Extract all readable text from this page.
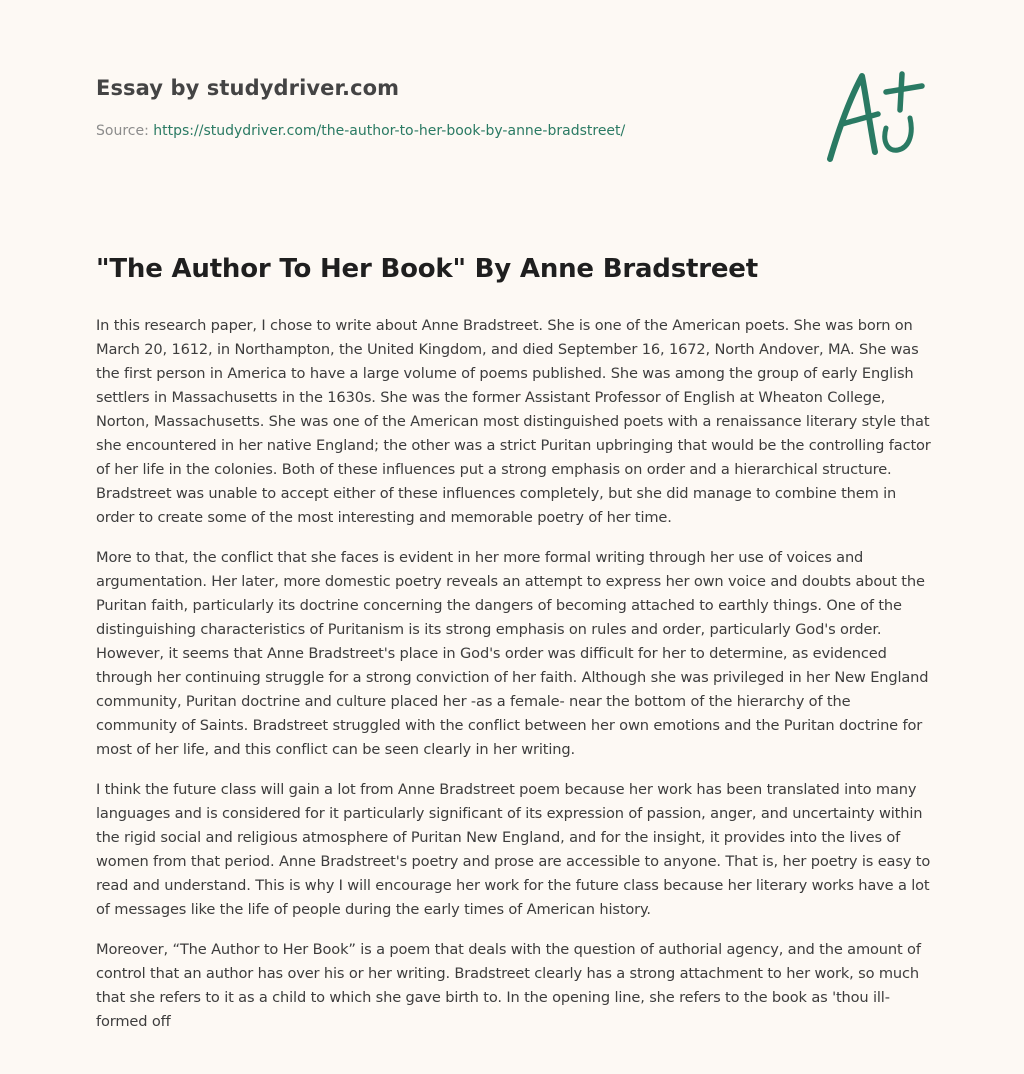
Essay by studydriver.com
Source: https://studydriver.com/the-author-to-her-book-by-anne-bradstreet/
"The Author To Her Book" By Anne Bradstreet

In this research paper, I chose to write about Anne Bradstreet. She is one of the American poets. She was born on March 20, 1612, in Northampton, the United Kingdom, and died September 16, 1672, North Andover, MA. She was the first person in America to have a large volume of poems published. She was among the group of early English settlers in Massachusetts in the 1630s. She was the former Assistant Professor of English at Wheaton College, Norton, Massachusetts. She was one of the American most distinguished poets with a renaissance literary style that she encountered in her native England; the other was a strict Puritan upbringing that would be the controlling factor of her life in the colonies. Both of these influences put a strong emphasis on order and a hierarchical structure. Bradstreet was unable to accept either of these influences completely, but she did manage to combine them in order to create some of the most interesting and memorable poetry of her time.

More to that, the conflict that she faces is evident in her more formal writing through her use of voices and argumentation. Her later, more domestic poetry reveals an attempt to express her own voice and doubts about the Puritan faith, particularly its doctrine concerning the dangers of becoming attached to earthly things. One of the distinguishing characteristics of Puritanism is its strong emphasis on rules and order, particularly God's order. However, it seems that Anne Bradstreet's place in God's order was difficult for her to determine, as evidenced through her continuing struggle for a strong conviction of her faith. Although she was privileged in her New England community, Puritan doctrine and culture placed her -as a female- near the bottom of the hierarchy of the community of Saints. Bradstreet struggled with the conflict between her own emotions and the Puritan doctrine for most of her life, and this conflict can be seen clearly in her writing.

I think the future class will gain a lot from Anne Bradstreet poem because her work has been translated into many languages and is considered for it particularly significant of its expression of passion, anger, and uncertainty within the rigid social and religious atmosphere of Puritan New England, and for the insight, it provides into the lives of women from that period. Anne Bradstreet's poetry and prose are accessible to anyone. That is, her poetry is easy to read and understand. This is why I will encourage her work for the future class because her literary works have a lot of messages like the life of people during the early times of American history.

Moreover, “The Author to Her Book” is a poem that deals with the question of authorial agency, and the amount of control that an author has over his or her writing. Bradstreet clearly has a strong attachment to her work, so much that she refers to it as a child to which she gave birth to. In the opening line, she refers to the book as 'thou ill-formed off
